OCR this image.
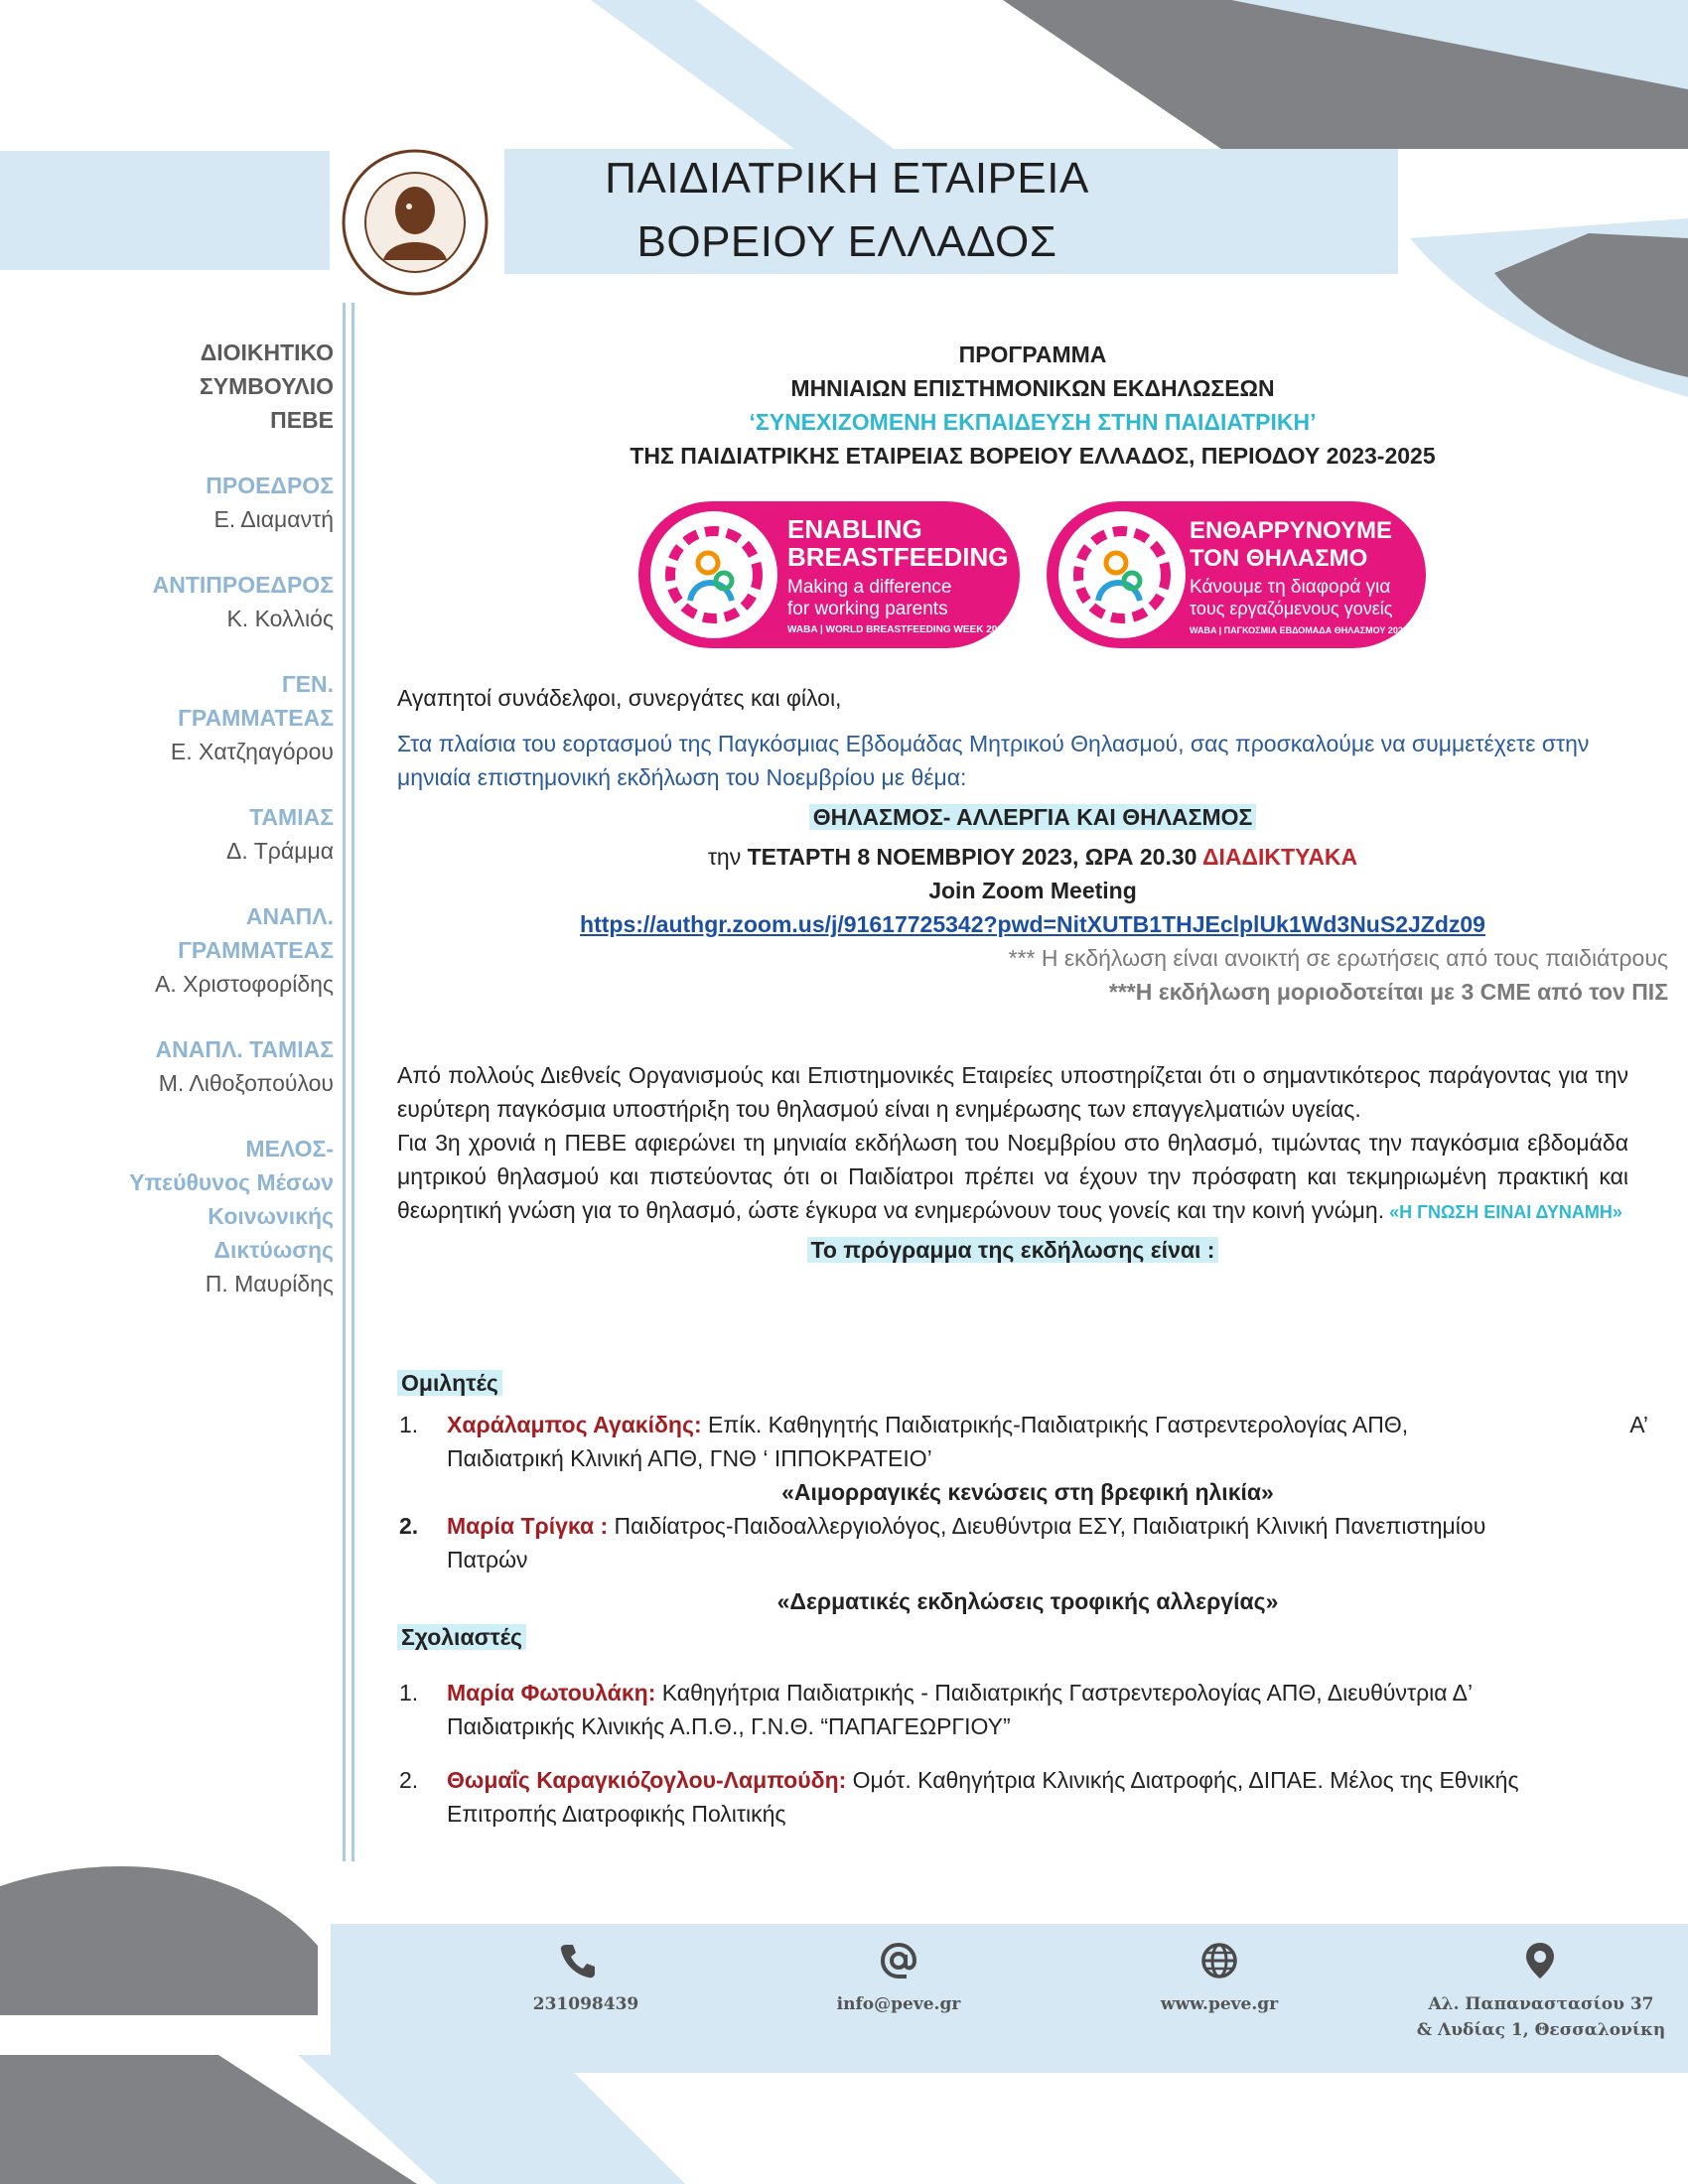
ΠΑΙΔΙΑΤΡΙΚΗ ΕΤΑΙΡΕΙΑ
ΒΟΡΕΙΟΥ ΕΛΛΑΔΟΣ
ΔΙΟΙΚΗΤΙΚΟ
ΣΥΜΒΟΥΛΙΟ
ΠΕΒΕ
ΠΡΟΕΔΡΟΣ
Ε. Διαμαντή
ΑΝΤΙΠΡΟΕΔΡΟΣ
Κ. Κολλιός
ΓΕΝ.
ΓΡΑΜΜΑΤΕΑΣ
Ε. Χατζηαγόρου
ΤΑΜΙΑΣ
Δ. Τράμμα
ΑΝΑΠΛ.
ΓΡΑΜΜΑΤΕΑΣ
Α. Χριστοφορίδης
ΑΝΑΠΛ. ΤΑΜΙΑΣ
Μ. Λιθοξοπούλου
ΜΕΛΟΣ-
Υπεύθυνος Μέσων
Κοινωνικής
Δικτύωσης
Π. Μαυρίδης
ΠΡΟΓΡΑΜΜΑ
ΜΗΝΙΑΙΩΝ ΕΠΙΣΤΗΜΟΝΙΚΩΝ ΕΚΔΗΛΩΣΕΩΝ
‘ΣΥΝΕΧΙΖΟΜΕΝΗ ΕΚΠΑΙΔΕΥΣΗ ΣΤΗΝ ΠΑΙΔΙΑΤΡΙΚΗ’
ΤΗΣ ΠΑΙΔΙΑΤΡΙΚΗΣ ΕΤΑΙΡΕΙΑΣ ΒΟΡΕΙΟΥ ΕΛΛΑΔΟΣ, ΠΕΡΙΟΔΟΥ 2023-2025
ENABLING
BREASTFEEDING
Making a difference
for working parents
WABA | WORLD BREASTFEEDING WEEK 2023
ΕΝΘΑΡΡΥΝΟΥΜΕ
ΤΟΝ ΘΗΛΑΣΜΟ
Κάνουμε τη διαφορά για
τους εργαζόμενους γονείς
WABA | ΠΑΓΚΟΣΜΙΑ ΕΒΔΟΜΑΔΑ ΘΗΛΑΣΜΟΥ 2023

Αγαπητοί συνάδελφοι, συνεργάτες και φίλοι,

Στα πλαίσια του εορτασμού της Παγκόσμιας Εβδομάδας Μητρικού Θηλασμού, σας προσκαλούμε να συμμετέχετε στην μηνιαία επιστημονική εκδήλωση του Νοεμβρίου με θέμα:

ΘΗΛΑΣΜΟΣ- ΑΛΛΕΡΓΙΑ ΚΑΙ ΘΗΛΑΣΜΟΣ

την ΤΕΤΑΡΤΗ 8 ΝΟΕΜΒΡΙΟΥ 2023, ΩΡΑ 20.30 ΔΙΑΔΙΚΤΥΑΚΑ

Join Zoom Meeting

https://authgr.zoom.us/j/91617725342?pwd=NitXUTB1THJEclplUk1Wd3NuS2JZdz09

*** Η εκδήλωση είναι ανοικτή σε ερωτήσεις από τους παιδιάτρους

***Η εκδήλωση μοριοδοτείται με 3 CME από τον ΠΙΣ

Από πολλούς Διεθνείς Οργανισμούς και Επιστημονικές Εταιρείες υποστηρίζεται ότι ο σημαντικότερος παράγοντας για την ευρύτερη παγκόσμια υποστήριξη του θηλασμού είναι η ενημέρωσης των επαγγελματιών υγείας.

Για 3η χρονιά η ΠΕΒΕ αφιερώνει τη μηνιαία εκδήλωση του Νοεμβρίου στο θηλασμό, τιμώντας την παγκόσμια εβδομάδα μητρικού θηλασμού και πιστεύοντας ότι οι Παιδίατροι πρέπει να έχουν την πρόσφατη και τεκμηριωμένη πρακτική και θεωρητική γνώση για το θηλασμό, ώστε έγκυρα να ενημερώνουν τους γονείς και την κοινή γνώμη. «Η ΓΝΩΣΗ ΕΙΝΑΙ ΔΥΝΑΜΗ»

Το πρόγραμμα της εκδήλωσης είναι :

Ομιλητές

1. Χαράλαμπος Αγακίδης: Επίκ. Καθηγητής Παιδιατρικής-Παιδιατρικής Γαστρεντερολογίας ΑΠΘ,	Α’
Παιδιατρική Κλινική ΑΠΘ, ΓΝΘ ‘ ΙΠΠΟΚΡΑΤΕΙΟ’
«Αιμορραγικές κενώσεις στη βρεφική ηλικία»
2. Μαρία Τρίγκα : Παιδίατρος-Παιδοαλλεργιολόγος, Διευθύντρια ΕΣΥ, Παιδιατρική Κλινική Πανεπιστημίου
Πατρών
«Δερματικές εκδηλώσεις τροφικής αλλεργίας»

Σχολιαστές

1. Μαρία Φωτουλάκη: Καθηγήτρια Παιδιατρικής - Παιδιατρικής Γαστρεντερολογίας ΑΠΘ, Διευθύντρια Δ’
Παιδιατρικής Κλινικής Α.Π.Θ., Γ.Ν.Θ. “ΠΑΠΑΓΕΩΡΓΙΟΥ”
2. Θωμαΐς Καραγκιόζογλου-Λαμπούδη: Ομότ. Καθηγήτρια Κλινικής Διατροφής, ΔΙΠΑΕ. Μέλος της Εθνικής
Επιτροπής Διατροφικής Πολιτικής
231098439	info@peve.gr	www.peve.gr	Αλ. Παπαναστασίου 37
& Λυδίας 1, Θεσσαλονίκη
